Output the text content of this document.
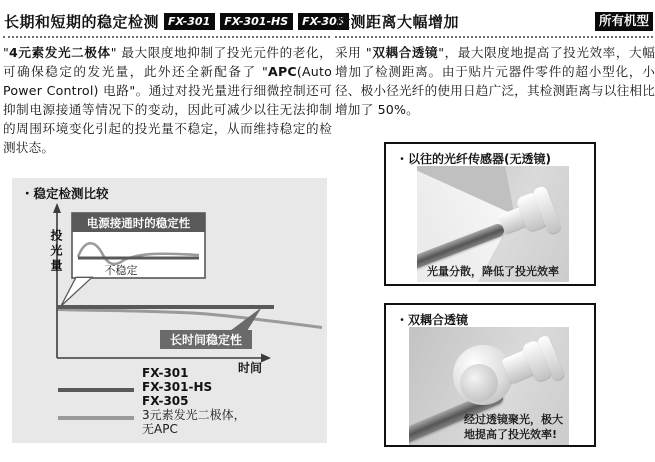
长期和短期的稳定检测 FX-301	FX-301-HS	FX-305

"4元素发光二极体" 最大限度地抑制了投光元件的老化，可确保稳定的发光量，此外还全新配备了 "APC(Auto Power Control) 电路"。通过对投光量进行细微控制还可抑制电源接通等情况下的变动，因此可减少以往无法抑制的周围环境变化引起的投光量不稳定，从而维持稳定的检测状态。

电源接通时的稳定性
不稳定
长时间稳定性
・稳定检测比较
投光量
时间
FX-301
FX-301-HS
FX-305
3元素发光二极体，
无APC
检测距离大幅增加	所有机型

采用 "双耦合透镜"，最大限度地提高了投光效率，大幅增加了检测距离。由于贴片元器件零件的超小型化，小径、极小径光纤的使用日趋广泛，其检测距离与以往相比增加了 50%。

・以往的光纤传感器(无透镜)
光量分散，降低了投光效率
・双耦合透镜
经过透镜聚光，极大
地提高了投光效率!
